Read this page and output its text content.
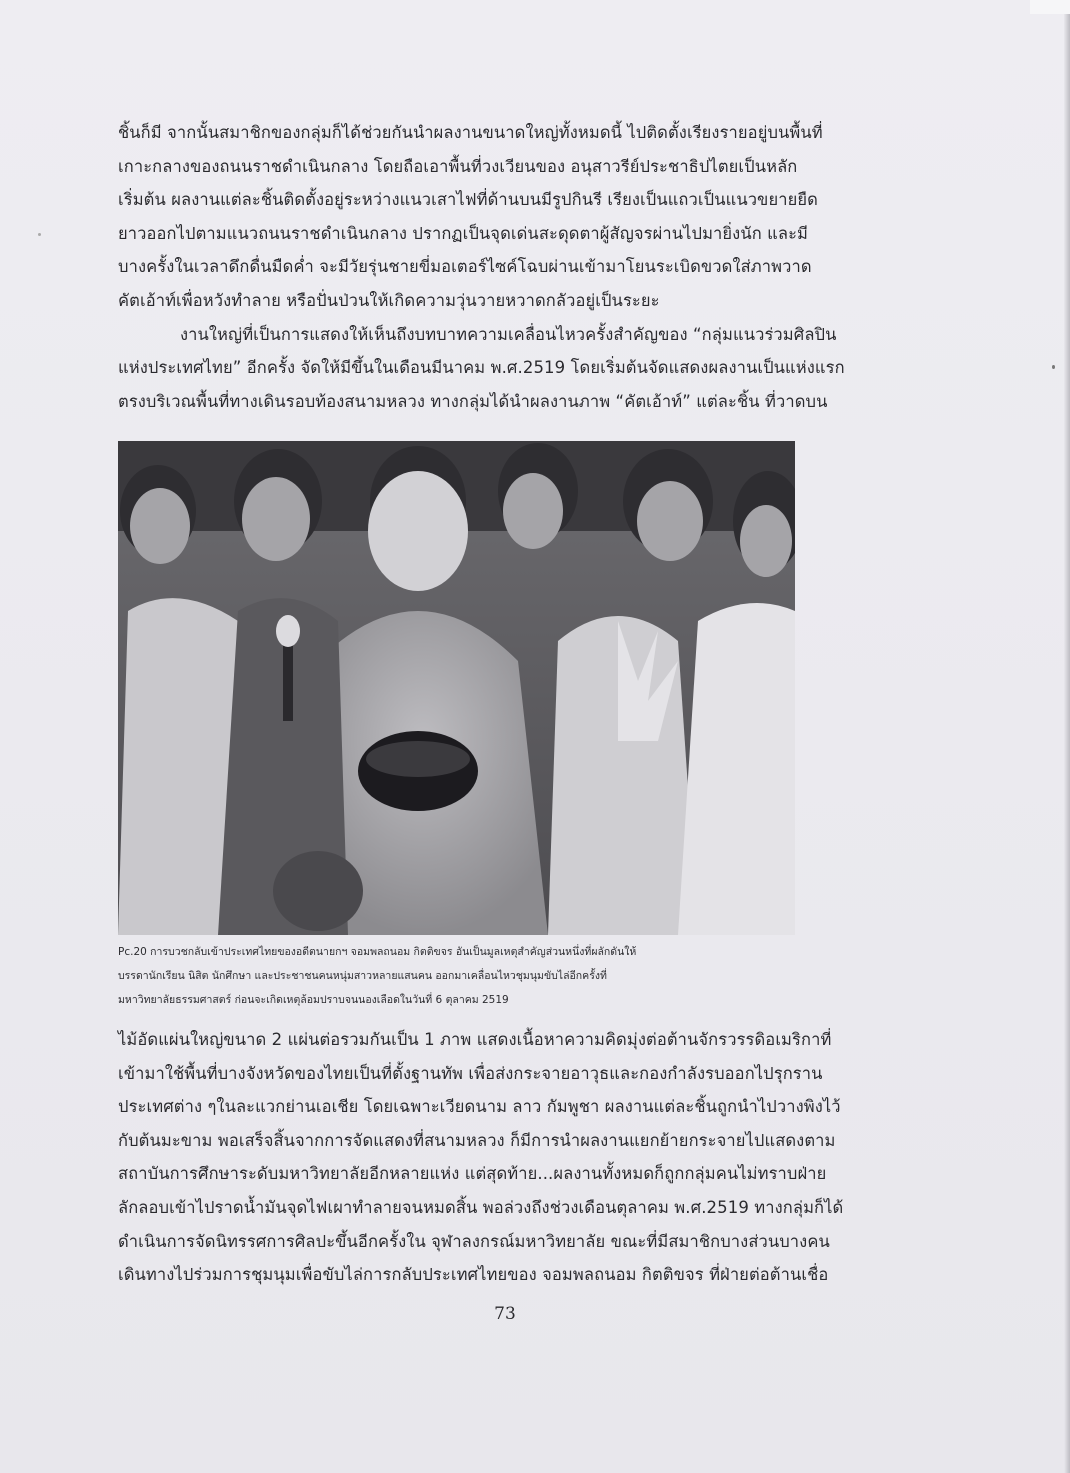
ชิ้นก็มี จากนั้นสมาชิกของกลุ่มก็ได้ช่วยกันนำผลงานขนาดใหญ่ทั้งหมดนี้ ไปติดตั้งเรียงรายอยู่บนพื้นที่
เกาะกลางของถนนราชดำเนินกลาง โดยถือเอาพื้นที่วงเวียนของ อนุสาวรีย์ประชาธิปไตยเป็นหลัก
เริ่มต้น ผลงานแต่ละชิ้นติดตั้งอยู่ระหว่างแนวเสาไฟที่ด้านบนมีรูปกินรี เรียงเป็นแถวเป็นแนวขยายยืด
ยาวออกไปตามแนวถนนราชดำเนินกลาง ปรากฏเป็นจุดเด่นสะดุดตาผู้สัญจรผ่านไปมายิ่งนัก และมี
บางครั้งในเวลาดึกดื่นมืดค่ำ จะมีวัยรุ่นชายขี่มอเตอร์ไซค์โฉบผ่านเข้ามาโยนระเบิดขวดใส่ภาพวาด
คัตเอ้าท์เพื่อหวังทำลาย หรือปั่นป่วนให้เกิดความวุ่นวายหวาดกลัวอยู่เป็นระยะ
งานใหญ่ที่เป็นการแสดงให้เห็นถึงบทบาทความเคลื่อนไหวครั้งสำคัญของ “กลุ่มแนวร่วมศิลปิน
แห่งประเทศไทย” อีกครั้ง จัดให้มีขึ้นในเดือนมีนาคม พ.ศ.2519 โดยเริ่มต้นจัดแสดงผลงานเป็นแห่งแรก
ตรงบริเวณพื้นที่ทางเดินรอบท้องสนามหลวง ทางกลุ่มได้นำผลงานภาพ “คัตเอ้าท์” แต่ละชิ้น ที่วาดบน
Pc.20 การบวชกลับเข้าประเทศไทยของอดีตนายกฯ จอมพลถนอม กิตติขจร อันเป็นมูลเหตุสำคัญส่วนหนึ่งที่ผลักดันให้
บรรดานักเรียน นิสิต นักศึกษา และประชาชนคนหนุ่มสาวหลายแสนคน ออกมาเคลื่อนไหวชุมนุมขับไล่อีกครั้งที่
มหาวิทยาลัยธรรมศาสตร์ ก่อนจะเกิดเหตุล้อมปราบจนนองเลือดในวันที่ 6 ตุลาคม 2519
ไม้อัดแผ่นใหญ่ขนาด 2 แผ่นต่อรวมกันเป็น 1 ภาพ แสดงเนื้อหาความคิดมุ่งต่อต้านจักรวรรดิอเมริกาที่
เข้ามาใช้พื้นที่บางจังหวัดของไทยเป็นที่ตั้งฐานทัพ เพื่อส่งกระจายอาวุธและกองกำลังรบออกไปรุกราน
ประเทศต่าง ๆในละแวกย่านเอเชีย โดยเฉพาะเวียดนาม ลาว กัมพูชา ผลงานแต่ละชิ้นถูกนำไปวางพิงไว้
กับต้นมะขาม พอเสร็จสิ้นจากการจัดแสดงที่สนามหลวง ก็มีการนำผลงานแยกย้ายกระจายไปแสดงตาม
สถาบันการศึกษาระดับมหาวิทยาลัยอีกหลายแห่ง แต่สุดท้าย...ผลงานทั้งหมดก็ถูกกลุ่มคนไม่ทราบฝ่าย
ลักลอบเข้าไปราดน้ำมันจุดไฟเผาทำลายจนหมดสิ้น พอล่วงถึงช่วงเดือนตุลาคม พ.ศ.2519 ทางกลุ่มก็ได้
ดำเนินการจัดนิทรรศการศิลปะขึ้นอีกครั้งใน จุฬาลงกรณ์มหาวิทยาลัย ขณะที่มีสมาชิกบางส่วนบางคน
เดินทางไปร่วมการชุมนุมเพื่อขับไล่การกลับประเทศไทยของ จอมพลถนอม กิตติขจร ที่ฝ่ายต่อต้านเชื่อ
73
